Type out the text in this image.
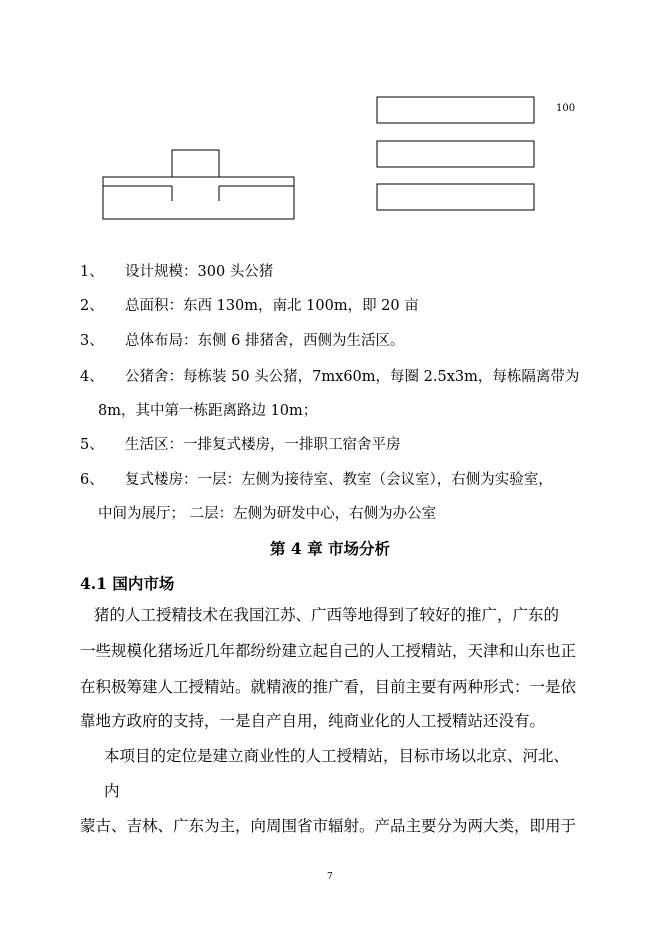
100
1、 设计规模：300 头公猪
2、 总面积：东西 130m，南北 100m，即 20 亩
3、 总体布局：东侧 6 排猪舍，西侧为生活区。
4、 公猪舍：每栋装 50 头公猪，7mx60m，每圈 2.5x3m，每栋隔离带为
8m，其中第一栋距离路边 10m；
5、 生活区：一排复式楼房，一排职工宿舍平房
6、 复式楼房：一层：左侧为接待室、教室（会议室），右侧为实验室，
中间为展厅； 二层：左侧为研发中心，右侧为办公室
第 4 章 市场分析
4.1 国内市场
猪的人工授精技术在我国江苏、广西等地得到了较好的推广，广东的
一些规模化猪场近几年都纷纷建立起自己的人工授精站，天津和山东也正
在积极筹建人工授精站。就精液的推广看，目前主要有两种形式：一是依
靠地方政府的支持，一是自产自用，纯商业化的人工授精站还没有。
本项目的定位是建立商业性的人工授精站，目标市场以北京、河北、
内
蒙古、吉林、广东为主，向周围省市辐射。产品主要分为两大类，即用于
7
